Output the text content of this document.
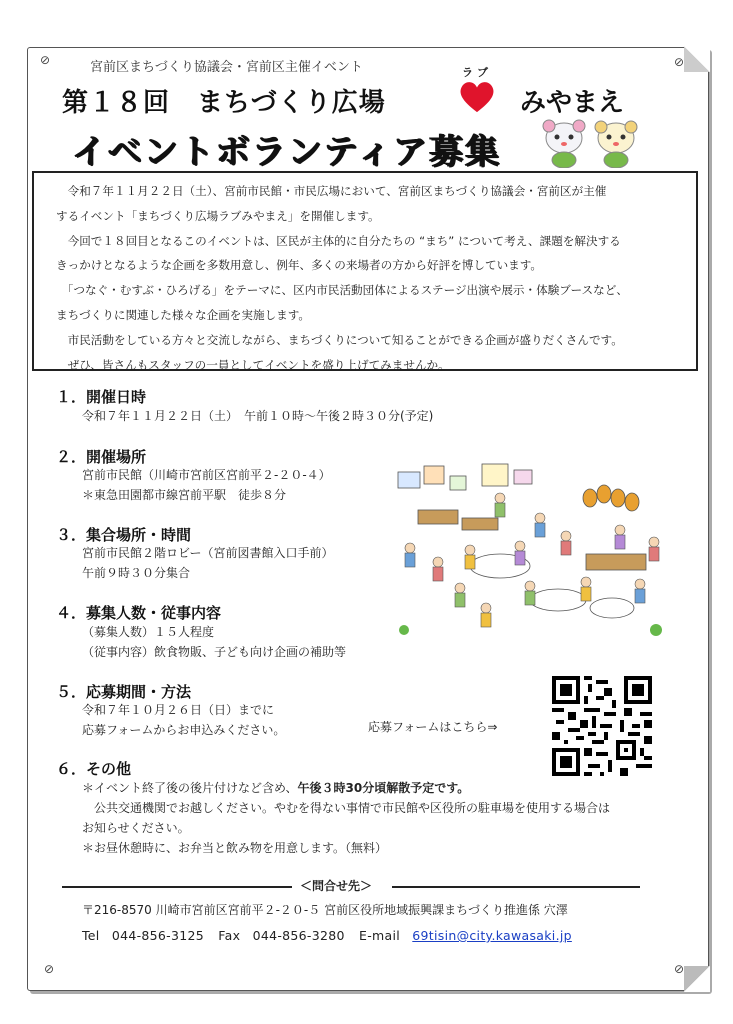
⊘	⊘
⊘	⊘
宮前区まちづくり協議会・宮前区主催イベント
第１８回　まちづくり広場
ラブ
みやまえ
イベントボランティア募集

　令和７年１１月２２日（土）、宮前市民館・市民広場において、宮前区まちづくり協議会・宮前区が主催

するイベント「まちづくり広場ラブみやまえ」を開催します。

　今回で１８回目となるこのイベントは、区民が主体的に自分たちの “まち” について考え、課題を解決する

きっかけとなるような企画を多数用意し、例年、多くの来場者の方から好評を博しています。

　「つなぐ・むすぶ・ひろげる」をテーマに、区内市民活動団体によるステージ出演や展示・体験ブースなど、

まちづくりに関連した様々な企画を実施します。

　市民活動をしている方々と交流しながら、まちづくりについて知ることができる企画が盛りだくさんです。

　ぜひ、皆さんもスタッフの一員としてイベントを盛り上げてみませんか。

１．開催日時
令和７年１１月２２日（土）　午前１０時～午後２時３０分(予定)
２．開催場所
宮前市民館（川崎市宮前区宮前平２-２０-４）
＊東急田園都市線宮前平駅　徒歩８分
３．集合場所・時間
宮前市民館２階ロビー（宮前図書館入口手前）
午前９時３０分集合
４．募集人数・従事内容
（募集人数）１５人程度
（従事内容）飲食物販、子ども向け企画の補助等
５．応募期間・方法
令和７年１０月２６日（日）までに
応募フォームからお申込みください。	応募フォームはこちら⇒
６．その他
＊イベント終了後の後片付けなど含め、午後３時30分頃解散予定です。
　公共交通機関でお越しください。やむを得ない事情で市民館や区役所の駐車場を使用する場合は
お知らせください。
＊お昼休憩時に、お弁当と飲み物を用意します。（無料）
＜問合せ先＞
〒216-8570 川崎市宮前区宮前平２-２０-５ 宮前区役所地域振興課まちづくり推進係 穴澤
Tel 044-856-3125 Fax 044-856-3280 E-mail 69tisin@city.kawasaki.jp
